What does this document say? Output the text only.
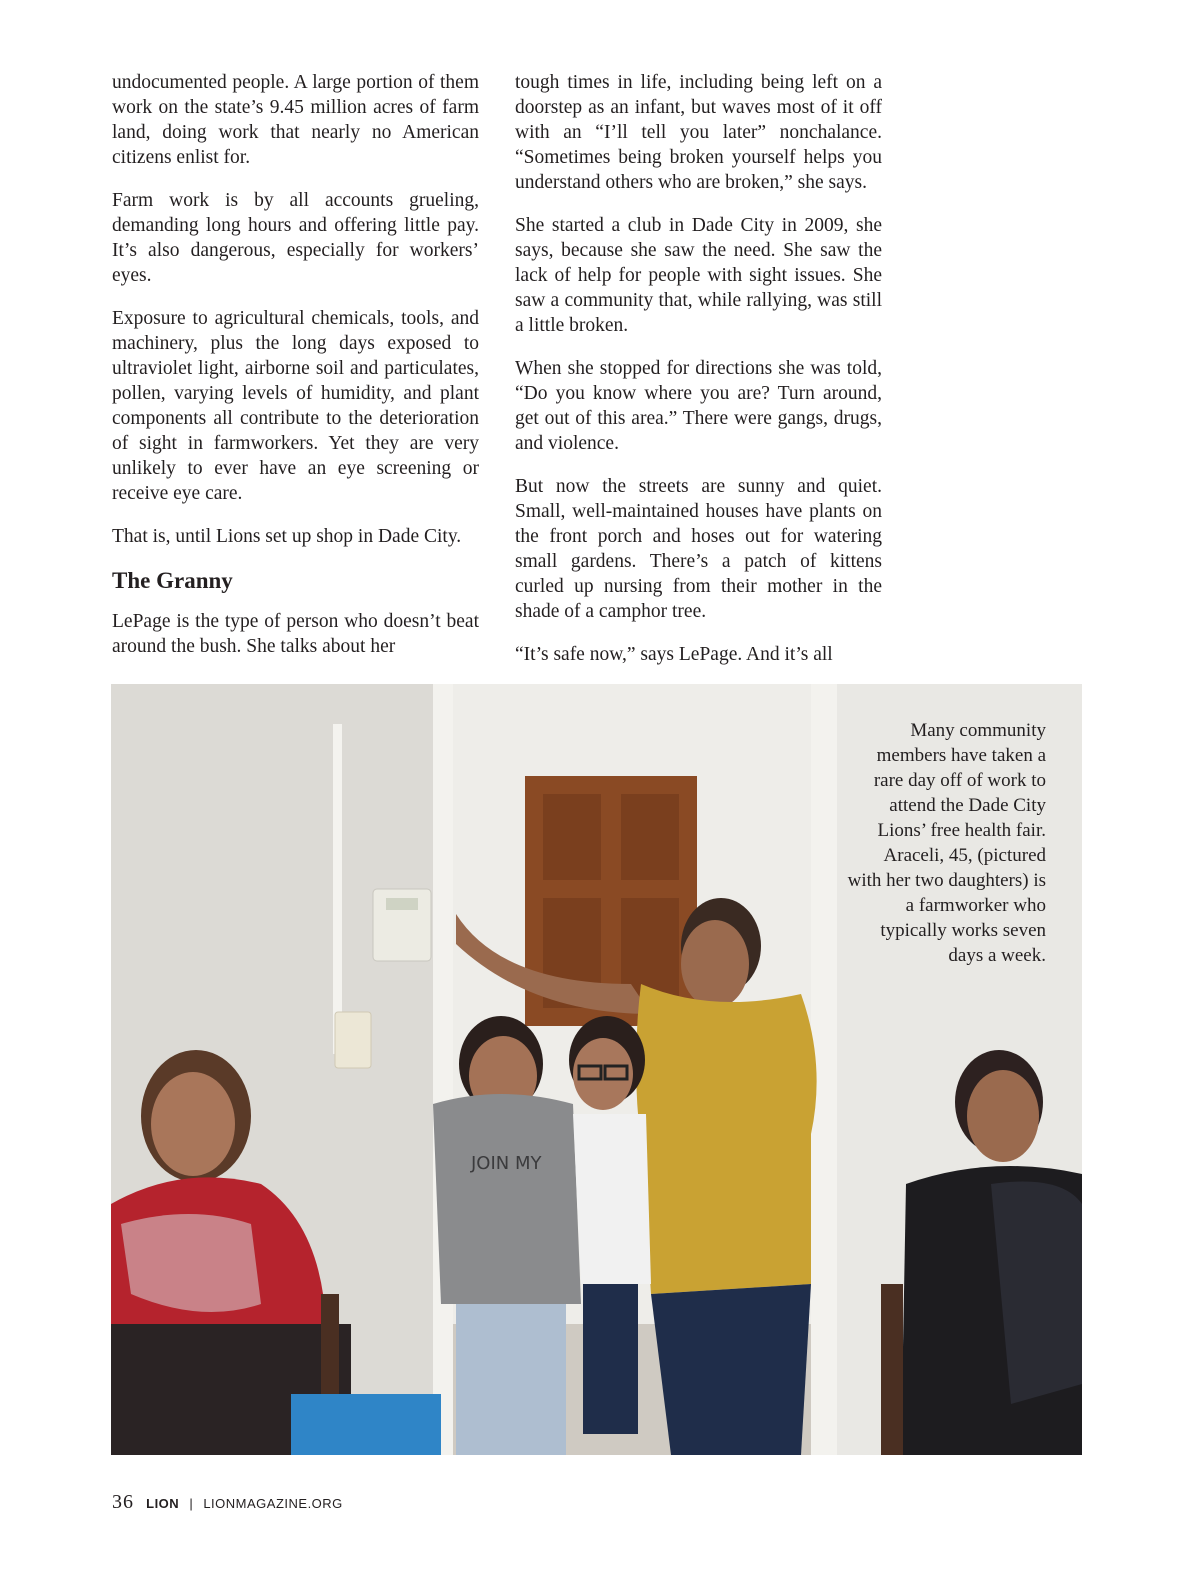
undocumented people. A large portion of them work on the state’s 9.45 million acres of farm land, doing work that nearly no American citizens enlist for.

Farm work is by all accounts grueling, demanding long hours and offering little pay. It’s also dangerous, especially for workers’ eyes.

Exposure to agricultural chemicals, tools, and machinery, plus the long days exposed to ultraviolet light, airborne soil and particulates, pollen, varying levels of humidity, and plant components all contribute to the deterioration of sight in farmworkers. Yet they are very unlikely to ever have an eye screening or receive eye care.

That is, until Lions set up shop in Dade City.

The Granny

LePage is the type of person who doesn’t beat around the bush. She talks about her

tough times in life, including being left on a doorstep as an infant, but waves most of it off with an “I’ll tell you later” nonchalance. “Sometimes being broken yourself helps you understand others who are broken,” she says.

She started a club in Dade City in 2009, she says, because she saw the need. She saw the lack of help for people with sight issues. She saw a community that, while rallying, was still a little broken.

When she stopped for directions she was told, “Do you know where you are? Turn around, get out of this area.” There were gangs, drugs, and violence.

But now the streets are sunny and quiet. Small, well-maintained houses have plants on the front porch and hoses out for watering small gardens. There’s a patch of kittens curled up nursing from their mother in the shade of a camphor tree.

“It’s safe now,” says LePage. And it’s all

JOIN MY
Many community members have taken a rare day off of work to attend the Dade City Lions’ free health fair. Araceli, 45, (pictured with her two daughters) is a farmworker who typically works seven days a week.
36 LION | LIONMAGAZINE.ORG
